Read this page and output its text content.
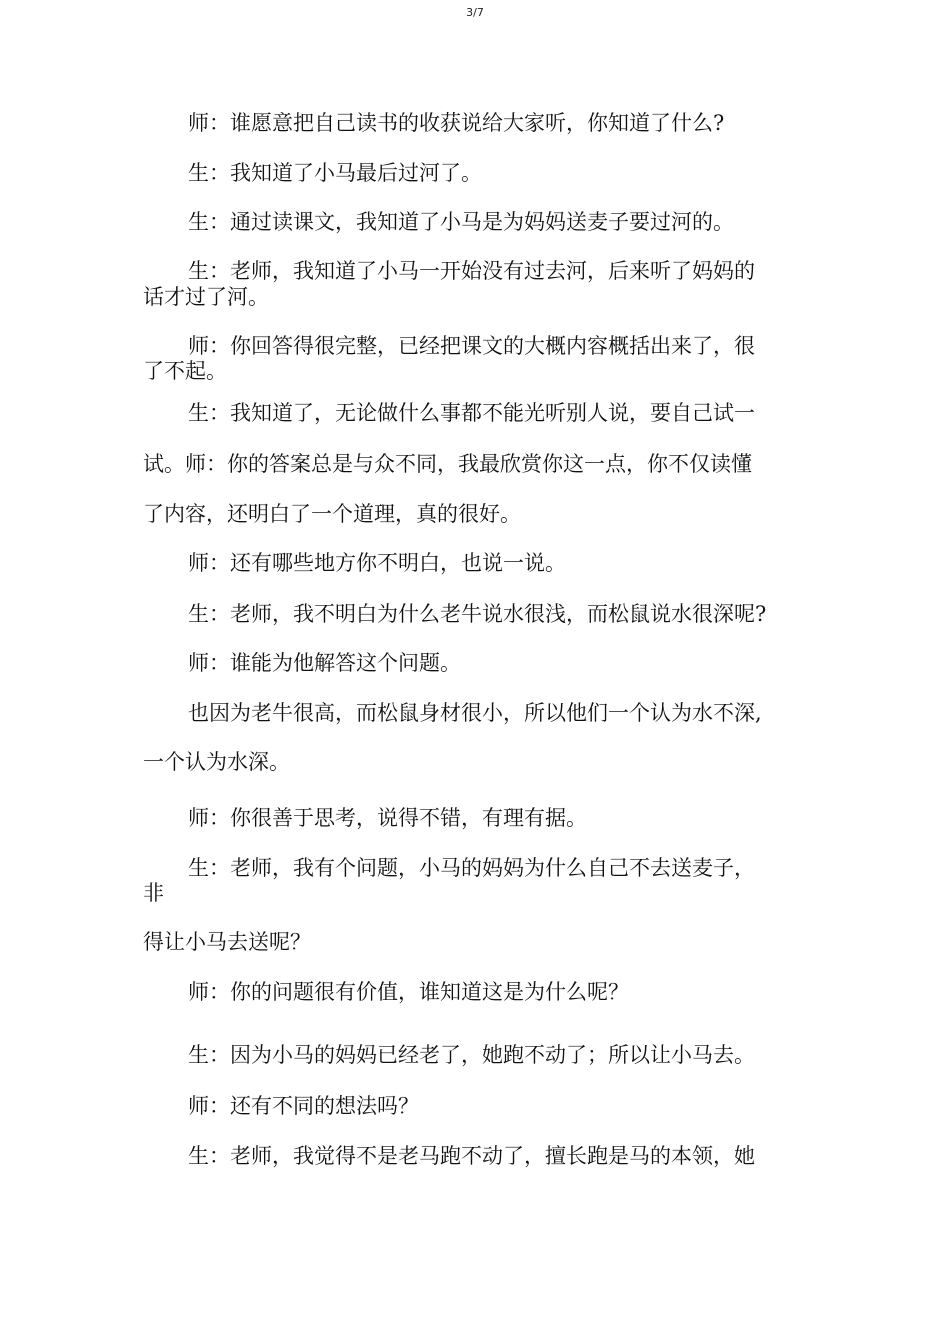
3/7

师：谁愿意把自己读书的收获说给大家听，你知道了什么?

生：我知道了小马最后过河了。

生：通过读课文，我知道了小马是为妈妈送麦子要过河的。

生：老师，我知道了小马一开始没有过去河，后来听了妈妈的

话才过了河。

师：你回答得很完整，已经把课文的大概内容概括出来了，很

了不起。

生：我知道了，无论做什么事都不能光听别人说，要自己试一

试。师：你的答案总是与众不同，我最欣赏你这一点，你不仅读懂

了内容，还明白了一个道理，真的很好。

师：还有哪些地方你不明白，也说一说。

生：老师，我不明白为什么老牛说水很浅，而松鼠说水很深呢?

师：谁能为他解答这个问题。

也因为老牛很高，而松鼠身材很小，所以他们一个认为水不深,

一个认为水深。

师：你很善于思考，说得不错，有理有据。

生：老师，我有个问题，小马的妈妈为什么自己不去送麦子，

非

得让小马去送呢？

师：你的问题很有价值，谁知道这是为什么呢？

生：因为小马的妈妈已经老了，她跑不动了；所以让小马去。

师：还有不同的想法吗？

生：老师，我觉得不是老马跑不动了，擅长跑是马的本领，她
